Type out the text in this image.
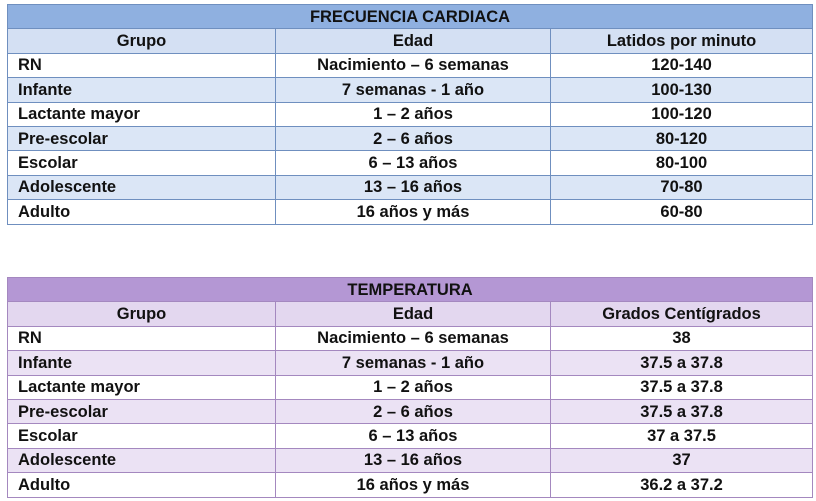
FRECUENCIA CARDIACA		
Grupo	Edad	Latidos por minuto
RN	Nacimiento – 6 semanas	120-140
Infante	7 semanas - 1 año	100-130
Lactante mayor	1 – 2 años	100-120
Pre-escolar	2 – 6 años	80-120
Escolar	6 – 13 años	80-100
Adolescente	13 – 16 años	70-80
Adulto	16 años y más	60-80
TEMPERATURA		
Grupo	Edad	Grados Centígrados
RN	Nacimiento – 6 semanas	38
Infante	7 semanas - 1 año	37.5 a 37.8
Lactante mayor	1 – 2 años	37.5 a 37.8
Pre-escolar	2 – 6 años	37.5 a 37.8
Escolar	6 – 13 años	37 a 37.5
Adolescente	13 – 16 años	37
Adulto	16 años y más	36.2 a 37.2
